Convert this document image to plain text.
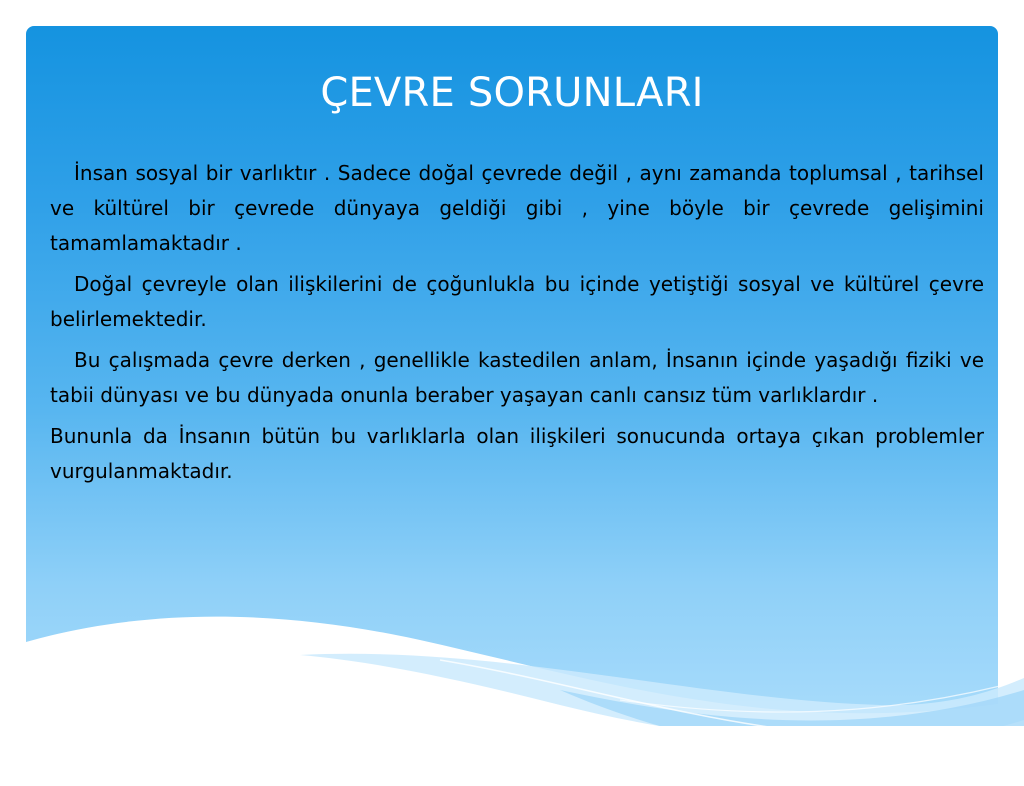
ÇEVRE SORUNLARI

İnsan sosyal bir varlıktır . Sadece doğal çevrede değil , aynı zamanda toplumsal , tarihsel ve kültürel bir çevrede dünyaya geldiği gibi , yine böyle bir çevrede gelişimini tamamlamaktadır .

Doğal çevreyle olan ilişkilerini de çoğunlukla bu içinde yetiştiği sosyal ve kültürel çevre belirlemektedir.

Bu çalışmada çevre derken , genellikle kastedilen anlam, İnsanın içinde yaşadığı fiziki ve tabii dünyası ve bu dünyada onunla beraber yaşayan canlı cansız tüm varlıklardır .

Bununla da İnsanın bütün bu varlıklarla olan ilişkileri sonucunda ortaya çıkan problemler vurgulanmaktadır.
